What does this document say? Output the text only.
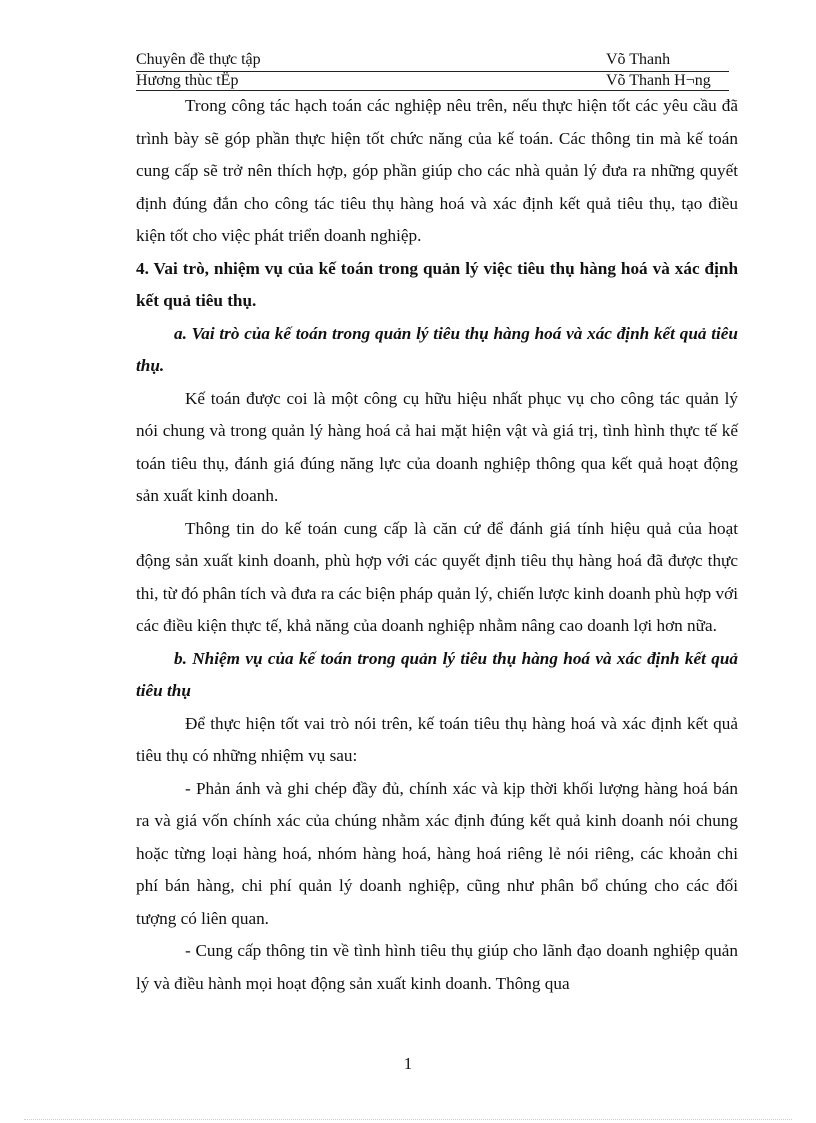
Chuyên đề thực tập	Võ Thanh
Hương thùc tËp	Võ Thanh H¬ng

Trong công tác hạch toán các nghiệp nêu trên, nếu thực hiện tốt các yêu cầu đã trình bày sẽ góp phần thực hiện tốt chức năng của kế toán. Các thông tin mà kế toán cung cấp sẽ trở nên thích hợp, góp phần giúp cho các nhà quản lý đưa ra những quyết định đúng đắn cho công tác tiêu thụ hàng hoá và xác định kết quả tiêu thụ, tạo điều kiện tốt cho việc phát triển doanh nghiệp.

4. Vai trò, nhiệm vụ của kế toán trong quản lý việc tiêu thụ hàng hoá và xác định kết quả tiêu thụ.

a. Vai trò của kế toán trong quản lý tiêu thụ hàng hoá và xác định kết quả tiêu thụ.

Kế toán được coi là một công cụ hữu hiệu nhất phục vụ cho công tác quản lý nói chung và trong quản lý hàng hoá cả hai mặt hiện vật và giá trị, tình hình thực tế kế toán tiêu thụ, đánh giá đúng năng lực của doanh nghiệp thông qua kết quả hoạt động sản xuất kinh doanh.

Thông tin do kế toán cung cấp là căn cứ để đánh giá tính hiệu quả của hoạt động sản xuất kinh doanh, phù hợp với các quyết định tiêu thụ hàng hoá đã được thực thi, từ đó phân tích và đưa ra các biện pháp quản lý, chiến lược kinh doanh phù hợp với các điều kiện thực tế, khả năng của doanh nghiệp nhằm nâng cao doanh lợi hơn nữa.

b. Nhiệm vụ của kế toán trong quản lý tiêu thụ hàng hoá và xác định kết quả tiêu thụ

Để thực hiện tốt vai trò nói trên, kế toán tiêu thụ hàng hoá và xác định kết quả tiêu thụ có những nhiệm vụ sau:

- Phản ánh và ghi chép đầy đủ, chính xác và kịp thời khối lượng hàng hoá bán ra và giá vốn chính xác của chúng nhằm xác định đúng kết quả kinh doanh nói chung hoặc từng loại hàng hoá, nhóm hàng hoá, hàng hoá riêng lẻ nói riêng, các khoản chi phí bán hàng, chi phí quản lý doanh nghiệp, cũng như phân bổ chúng cho các đối tượng có liên quan.

- Cung cấp thông tin về tình hình tiêu thụ giúp cho lãnh đạo doanh nghiệp quản lý và điều hành mọi hoạt động sản xuất kinh doanh. Thông qua

1
